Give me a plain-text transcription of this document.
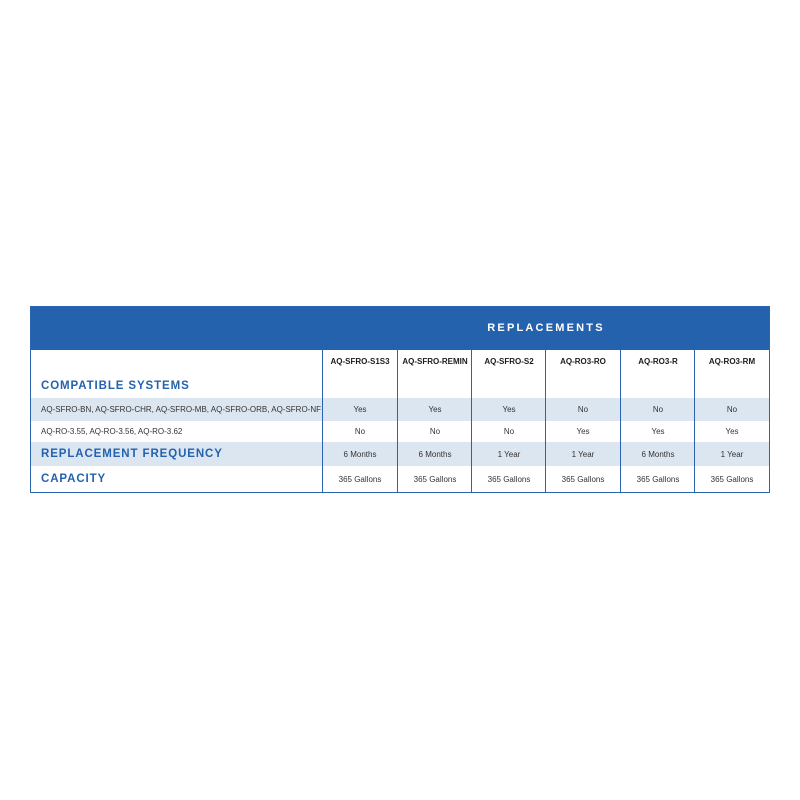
REPLACEMENTS
AQ-SFRO-S1S3	AQ-SFRO-REMIN	AQ-SFRO-S2	AQ-RO3-RO	AQ-RO3-R	AQ-RO3-RM
COMPATIBLE SYSTEMS
AQ-SFRO-BN, AQ-SFRO-CHR, AQ-SFRO-MB, AQ-SFRO-ORB, AQ-SFRO-NF	Yes	Yes	Yes	No	No	No
AQ-RO-3.55, AQ-RO-3.56, AQ-RO-3.62	No	No	No	Yes	Yes	Yes
REPLACEMENT FREQUENCY	6 Months	6 Months	1 Year	1 Year	6 Months	1 Year
CAPACITY	365 Gallons	365 Gallons	365 Gallons	365 Gallons	365 Gallons	365 Gallons
